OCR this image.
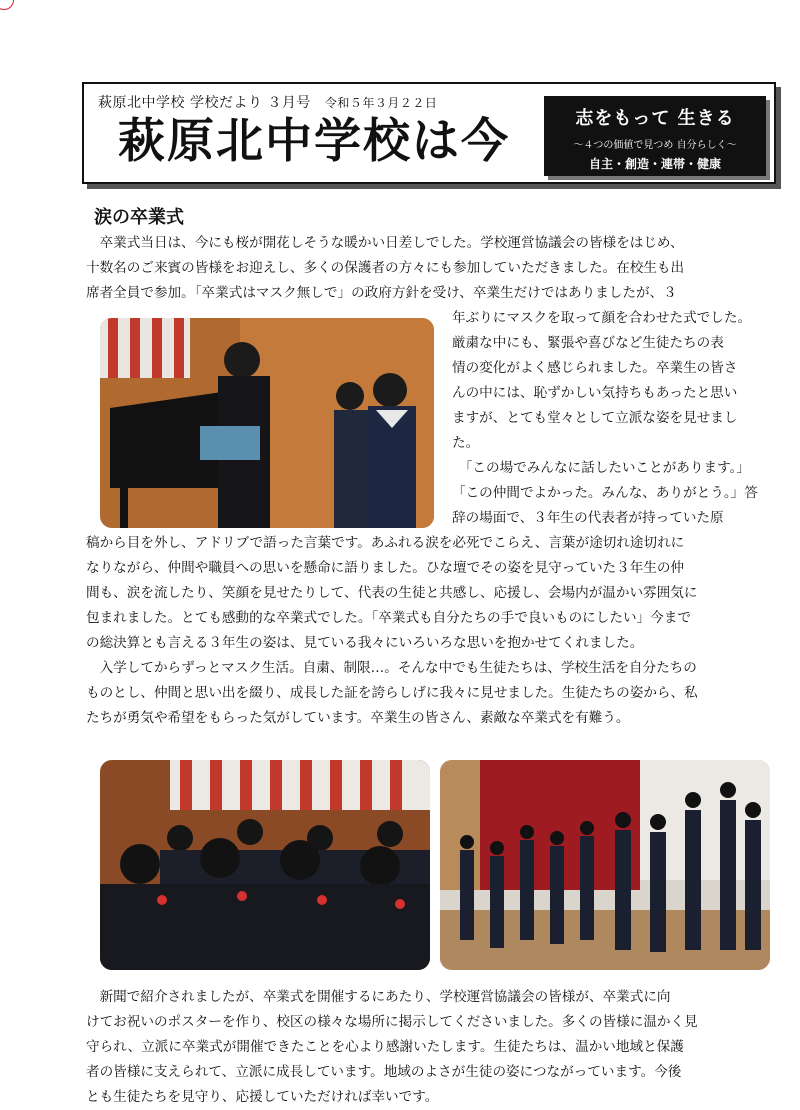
萩原北中学校 学校だより ３月号 令和５年３月２２日
萩原北中学校は今	志をもって 生きる
～４つの価値で見つめ 自分らしく～
自主・創造・連帯・健康
涙の卒業式
　卒業式当日は、今にも桜が開花しそうな暖かい日差しでした。学校運営協議会の皆様をはじめ、
十数名のご来賓の皆様をお迎えし、多くの保護者の方々にも参加していただきました。在校生も出
席者全員で参加。「卒業式はマスク無しで」の政府方針を受け、卒業生だけではありましたが、３
年ぶりにマスクを取って顔を合わせた式でした。
厳粛な中にも、緊張や喜びなど生徒たちの表
情の変化がよく感じられました。卒業生の皆さ
んの中には、恥ずかしい気持ちもあったと思い
ますが、とても堂々として立派な姿を見せまし
た。
　「この場でみんなに話したいことがあります。」
「この仲間でよかった。みんな、ありがとう。」答
辞の場面で、３年生の代表者が持っていた原
稿から目を外し、アドリブで語った言葉です。あふれる涙を必死でこらえ、言葉が途切れ途切れに
なりながら、仲間や職員への思いを懸命に語りました。ひな壇でその姿を見守っていた３年生の仲
間も、涙を流したり、笑顔を見せたりして、代表の生徒と共感し、応援し、会場内が温かい雰囲気に
包まれました。とても感動的な卒業式でした。「卒業式も自分たちの手で良いものにしたい」今まで
の総決算とも言える３年生の姿は、見ている我々にいろいろな思いを抱かせてくれました。
　入学してからずっとマスク生活。自粛、制限…。そんな中でも生徒たちは、学校生活を自分たちの
ものとし、仲間と思い出を綴り、成長した証を誇らしげに我々に見せました。生徒たちの姿から、私
たちが勇気や希望をもらった気がしています。卒業生の皆さん、素敵な卒業式を有難う。
　新聞で紹介されましたが、卒業式を開催するにあたり、学校運営協議会の皆様が、卒業式に向
けてお祝いのポスターを作り、校区の様々な場所に掲示してくださいました。多くの皆様に温かく見
守られ、立派に卒業式が開催できたことを心より感謝いたします。生徒たちは、温かい地域と保護
者の皆様に支えられて、立派に成長しています。地域のよさが生徒の姿につながっています。今後
とも生徒たちを見守り、応援していただければ幸いです。
